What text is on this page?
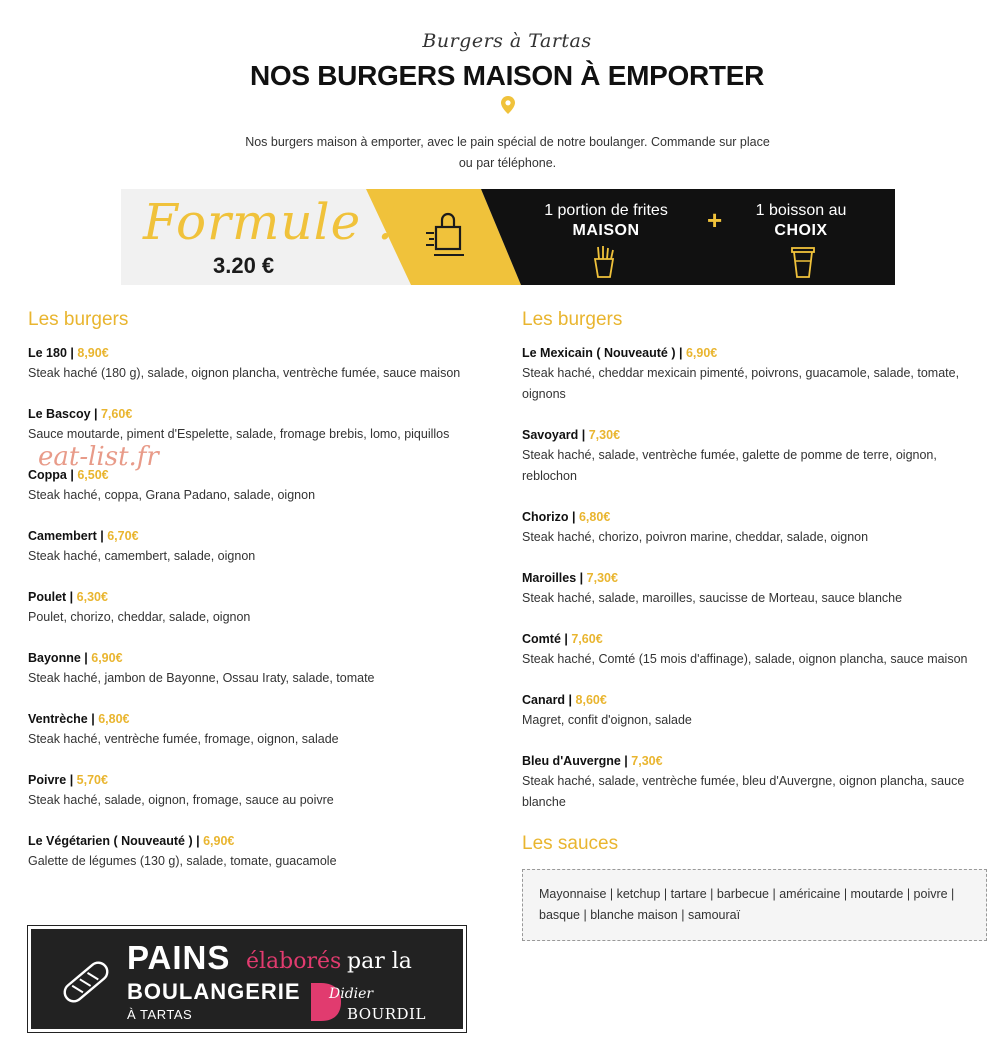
Burgers à Tartas
NOS BURGERS MAISON À EMPORTER
Nos burgers maison à emporter, avec le pain spécial de notre boulanger. Commande sur place ou par téléphone.
Formule !
3.20 €
1 portion de frites
MAISON	+	1 boisson au
CHOIX
Les burgers
Le 180 | 8,90€
Steak haché (180 g), salade, oignon plancha, ventrèche fumée, sauce maison
Le Bascoy | 7,60€
Sauce moutarde, piment d'Espelette, salade, fromage brebis, lomo, piquillos
Coppa | 6,50€
Steak haché, coppa, Grana Padano, salade, oignon
Camembert | 6,70€
Steak haché, camembert, salade, oignon
Poulet | 6,30€
Poulet, chorizo, cheddar, salade, oignon
Bayonne | 6,90€
Steak haché, jambon de Bayonne, Ossau Iraty, salade, tomate
Ventrèche | 6,80€
Steak haché, ventrèche fumée, fromage, oignon, salade
Poivre | 5,70€
Steak haché, salade, oignon, fromage, sauce au poivre
Le Végétarien ( Nouveauté ) | 6,90€
Galette de légumes (130 g), salade, tomate, guacamole
eat-list.fr
Les burgers
Le Mexicain ( Nouveauté ) | 6,90€
Steak haché, cheddar mexicain pimenté, poivrons, guacamole, salade, tomate, oignons
Savoyard | 7,30€
Steak haché, salade, ventrèche fumée, galette de pomme de terre, oignon, reblochon
Chorizo | 6,80€
Steak haché, chorizo, poivron marine, cheddar, salade, oignon
Maroilles | 7,30€
Steak haché, salade, maroilles, saucisse de Morteau, sauce blanche
Comté | 7,60€
Steak haché, Comté (15 mois d'affinage), salade, oignon plancha, sauce maison
Canard | 8,60€
Magret, confit d'oignon, salade
Bleu d'Auvergne | 7,30€
Steak haché, salade, ventrèche fumée, bleu d'Auvergne, oignon plancha, sauce blanche
Les sauces
Mayonnaise | ketchup | tartare | barbecue | américaine | moutarde | poivre | basque | blanche maison | samouraï
PAINS élaborés par la
BOULANGERIE
À TARTAS
Didier
BOURDIL
